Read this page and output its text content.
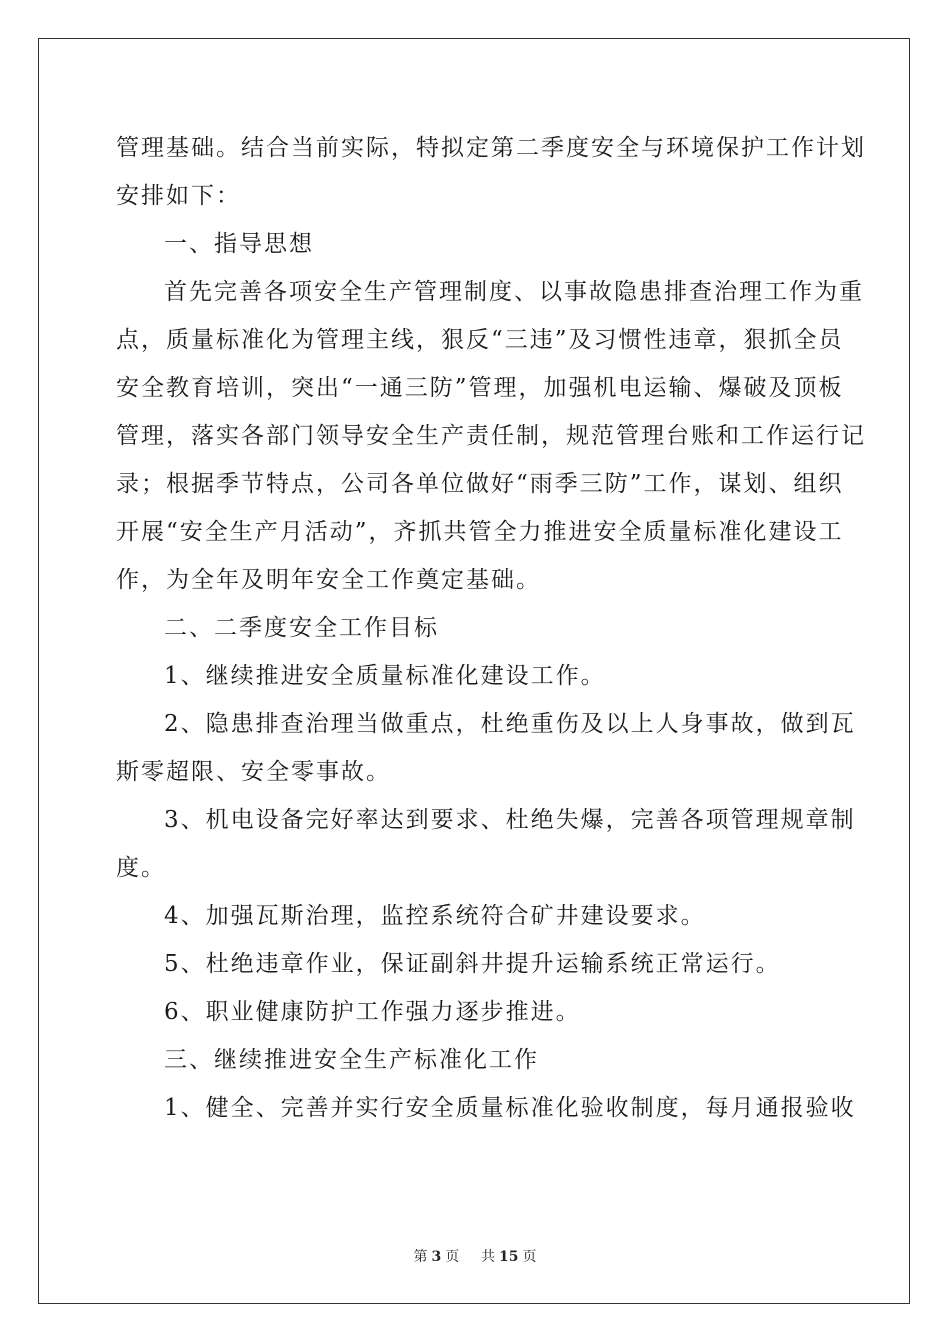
管理基础。结合当前实际，特拟定第二季度安全与环境保护工作计划
安排如下：
一、指导思想
首先完善各项安全生产管理制度、以事故隐患排查治理工作为重
点，质量标准化为管理主线，狠反“三违”及习惯性违章，狠抓全员
安全教育培训，突出“一通三防”管理，加强机电运输、爆破及顶板
管理，落实各部门领导安全生产责任制，规范管理台账和工作运行记
录；根据季节特点，公司各单位做好“雨季三防”工作，谋划、组织
开展“安全生产月活动”，齐抓共管全力推进安全质量标准化建设工
作，为全年及明年安全工作奠定基础。
二、二季度安全工作目标
1、继续推进安全质量标准化建设工作。
2、隐患排查治理当做重点，杜绝重伤及以上人身事故，做到瓦
斯零超限、安全零事故。
3、机电设备完好率达到要求、杜绝失爆，完善各项管理规章制
度。
4、加强瓦斯治理，监控系统符合矿井建设要求。
5、杜绝违章作业，保证副斜井提升运输系统正常运行。
6、职业健康防护工作强力逐步推进。
三、继续推进安全生产标准化工作
1、健全、完善并实行安全质量标准化验收制度，每月通报验收
第 3 页 共 15 页
